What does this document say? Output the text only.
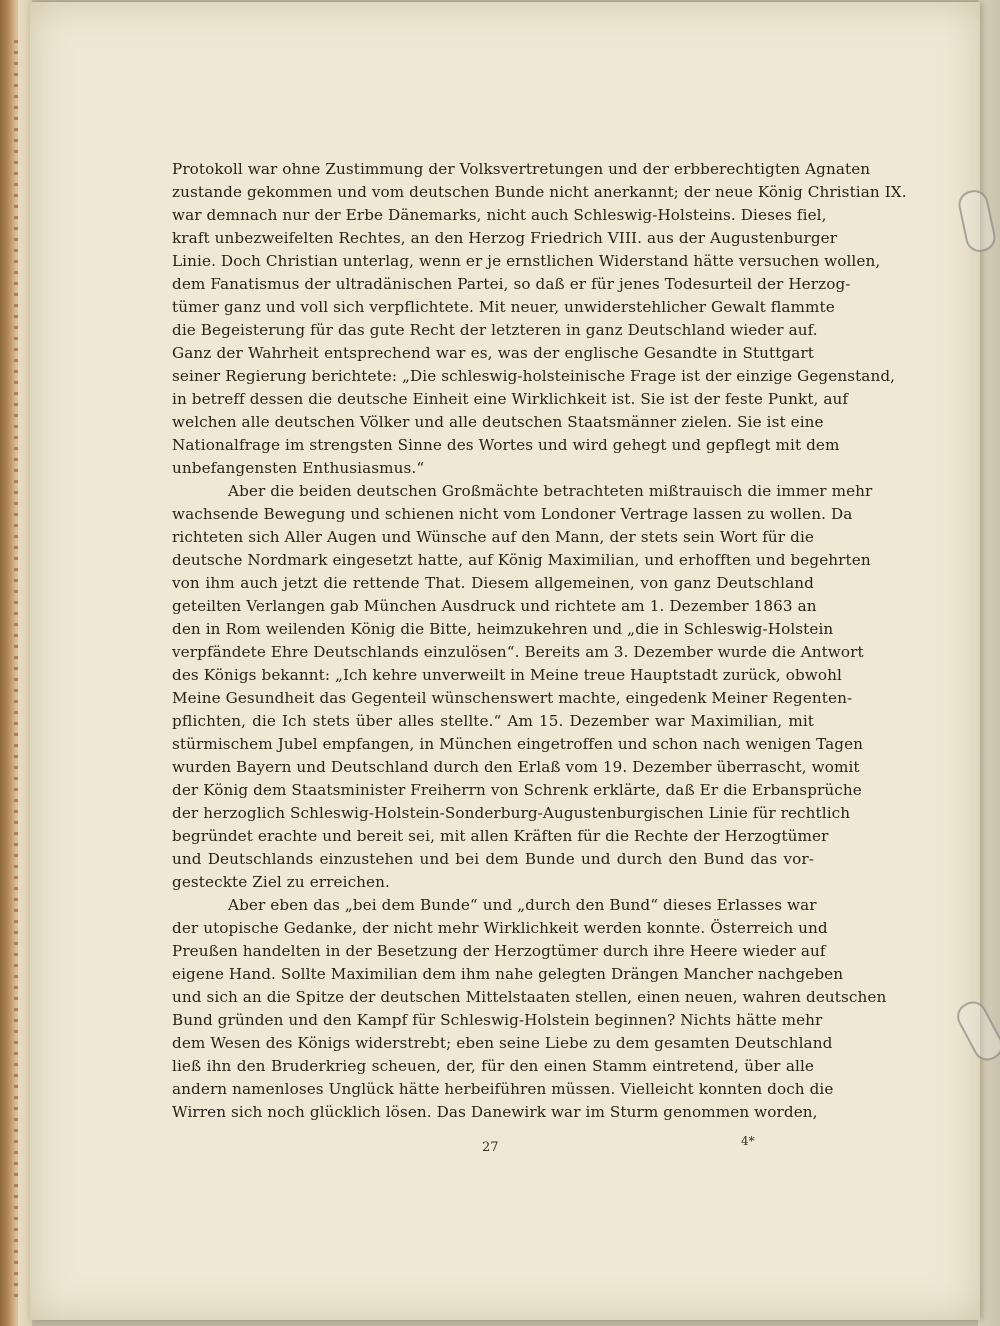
Protokoll war ohne Zustimmung der Volksvertretungen und der erbberechtigten Agnaten
zustande gekommen und vom deutschen Bunde nicht anerkannt; der neue König Christian IX.
war demnach nur der Erbe Dänemarks, nicht auch Schleswig-Holsteins. Dieses fiel,
kraft unbezweifelten Rechtes, an den Herzog Friedrich VIII. aus der Augustenburger
Linie. Doch Christian unterlag, wenn er je ernstlichen Widerstand hätte versuchen wollen,
dem Fanatismus der ultradänischen Partei, so daß er für jenes Todesurteil der Herzog-
tümer ganz und voll sich verpflichtete. Mit neuer, unwiderstehlicher Gewalt flammte
die Begeisterung für das gute Recht der letzteren in ganz Deutschland wieder auf.
Ganz der Wahrheit entsprechend war es, was der englische Gesandte in Stuttgart
seiner Regierung berichtete: „Die schleswig-holsteinische Frage ist der einzige Gegenstand,
in betreff dessen die deutsche Einheit eine Wirklichkeit ist. Sie ist der feste Punkt, auf
welchen alle deutschen Völker und alle deutschen Staatsmänner zielen. Sie ist eine
Nationalfrage im strengsten Sinne des Wortes und wird gehegt und gepflegt mit dem
unbefangensten Enthusiasmus.“
Aber die beiden deutschen Großmächte betrachteten mißtrauisch die immer mehr
wachsende Bewegung und schienen nicht vom Londoner Vertrage lassen zu wollen. Da
richteten sich Aller Augen und Wünsche auf den Mann, der stets sein Wort für die
deutsche Nordmark eingesetzt hatte, auf König Maximilian, und erhofften und begehrten
von ihm auch jetzt die rettende That. Diesem allgemeinen, von ganz Deutschland
geteilten Verlangen gab München Ausdruck und richtete am 1. Dezember 1863 an
den in Rom weilenden König die Bitte, heimzukehren und „die in Schleswig-Holstein
verpfändete Ehre Deutschlands einzulösen“. Bereits am 3. Dezember wurde die Antwort
des Königs bekannt: „Ich kehre unverweilt in Meine treue Hauptstadt zurück, obwohl
Meine Gesundheit das Gegenteil wünschenswert machte, eingedenk Meiner Regenten-
pflichten, die Ich stets über alles stellte.“ Am 15. Dezember war Maximilian, mit
stürmischem Jubel empfangen, in München eingetroffen und schon nach wenigen Tagen
wurden Bayern und Deutschland durch den Erlaß vom 19. Dezember überrascht, womit
der König dem Staatsminister Freiherrn von Schrenk erklärte, daß Er die Erbansprüche
der herzoglich Schleswig-Holstein-Sonderburg-Augustenburgischen Linie für rechtlich
begründet erachte und bereit sei, mit allen Kräften für die Rechte der Herzogtümer
und Deutschlands einzustehen und bei dem Bunde und durch den Bund das vor-
gesteckte Ziel zu erreichen.
Aber eben das „bei dem Bunde“ und „durch den Bund“ dieses Erlasses war
der utopische Gedanke, der nicht mehr Wirklichkeit werden konnte. Österreich und
Preußen handelten in der Besetzung der Herzogtümer durch ihre Heere wieder auf
eigene Hand. Sollte Maximilian dem ihm nahe gelegten Drängen Mancher nachgeben
und sich an die Spitze der deutschen Mittelstaaten stellen, einen neuen, wahren deutschen
Bund gründen und den Kampf für Schleswig-Holstein beginnen? Nichts hätte mehr
dem Wesen des Königs widerstrebt; eben seine Liebe zu dem gesamten Deutschland
ließ ihn den Bruderkrieg scheuen, der, für den einen Stamm eintretend, über alle
andern namenloses Unglück hätte herbeiführen müssen. Vielleicht konnten doch die
Wirren sich noch glücklich lösen. Das Danewirk war im Sturm genommen worden,
27	4*
